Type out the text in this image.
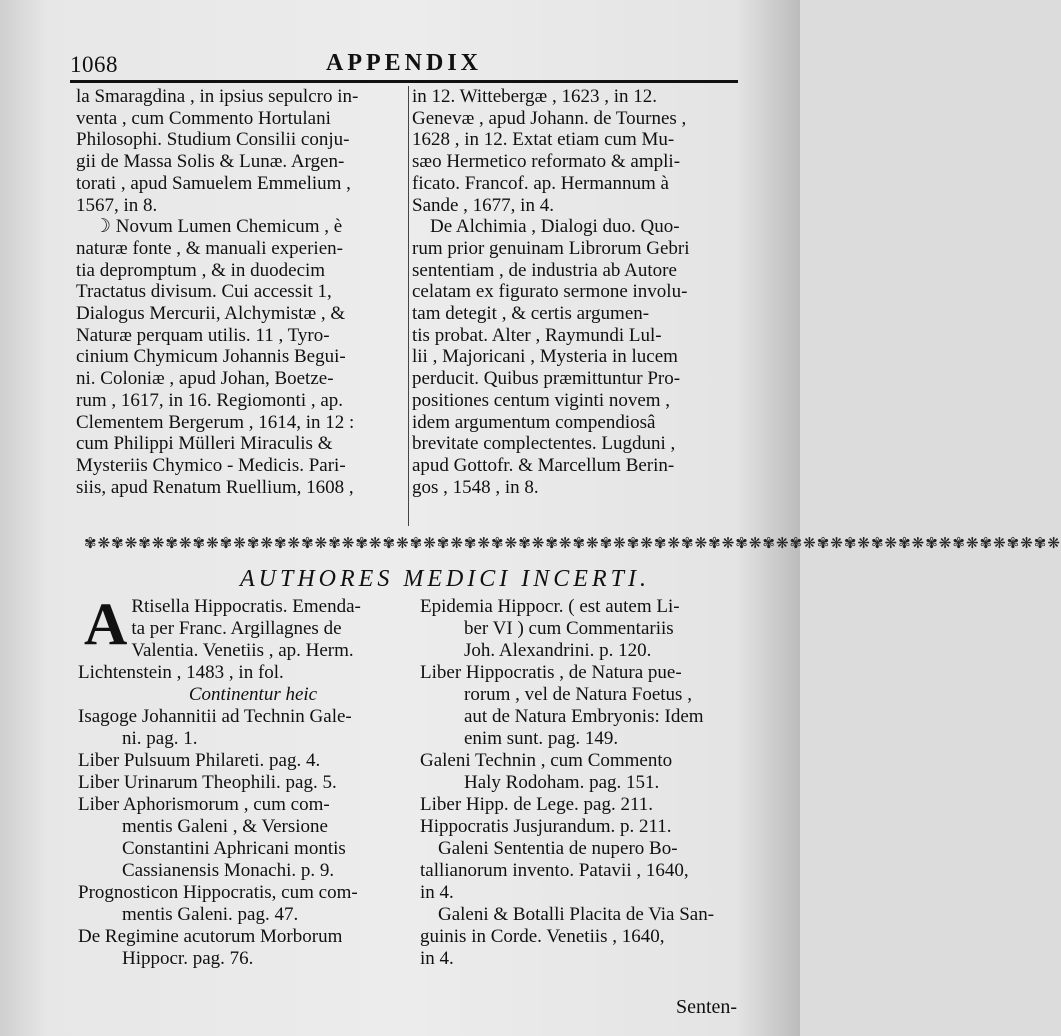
1068	APPENDIX
la Smaragdina , in ipsius sepulcro in-
venta , cum Commento Hortulani
Philosophi. Studium Consilii conju-
gii de Massa Solis & Lunæ. Argen-
torati , apud Samuelem Emmelium ,
1567, in 8.
☽ Novum Lumen Chemicum , è
naturæ fonte , & manuali experien-
tia depromptum , & in duodecim
Tractatus divisum. Cui accessit 1,
Dialogus Mercurii, Alchymistæ , &
Naturæ perquam utilis. 11 , Tyro-
cinium Chymicum Johannis Begui-
ni. Coloniæ , apud Johan, Boetze-
rum , 1617, in 16. Regiomonti , ap.
Clementem Bergerum , 1614, in 12 :
cum Philippi Mülleri Miraculis &
Mysteriis Chymico - Medicis. Pari-
siis, apud Renatum Ruellium, 1608 ,
in 12. Wittebergæ , 1623 , in 12.
Genevæ , apud Johann. de Tournes ,
1628 , in 12. Extat etiam cum Mu-
sæo Hermetico reformato & ampli-
ficato. Francof. ap. Hermannum à
Sande , 1677, in 4.
De Alchimia , Dialogi duo. Quo-
rum prior genuinam Librorum Gebri
sententiam , de industria ab Autore
celatam ex figurato sermone involu-
tam detegit , & certis argumen-
tis probat. Alter , Raymundi Lul-
lii , Majoricani , Mysteria in lucem
perducit. Quibus præmittuntur Pro-
positiones centum viginti novem ,
idem argumentum compendiosâ
brevitate complectentes. Lugduni ,
apud Gottofr. & Marcellum Berin-
gos , 1548 , in 8.
✾❋✾❋✾❋✾❋✾❋✾❋✾❋✾❋✾❋✾❋✾❋✾❋✾❋✾❋✾❋✾❋✾❋✾❋✾❋✾❋✾❋✾❋✾❋✾❋✾❋✾❋✾❋✾❋✾❋✾❋✾❋✾❋✾❋✾❋✾❋✾❋
AUTHORES MEDICI INCERTI.
A Rtisella Hippocratis. Emenda-
ta per Franc. Argillagnes de
Valentia. Venetiis , ap. Herm.
Lichtenstein , 1483 , in fol.
Continentur heic
Isagoge Johannitii ad Technin Gale-
ni. pag. 1.
Liber Pulsuum Philareti. pag. 4.
Liber Urinarum Theophili. pag. 5.
Liber Aphorismorum , cum com-
mentis Galeni , & Versione
Constantini Aphricani montis
Cassianensis Monachi. p. 9.
Prognosticon Hippocratis, cum com-
mentis Galeni. pag. 47.
De Regimine acutorum Morborum
Hippocr. pag. 76.
Epidemia Hippocr. ( est autem Li-
ber VI ) cum Commentariis
Joh. Alexandrini. p. 120.
Liber Hippocratis , de Natura pue-
rorum , vel de Natura Foetus ,
aut de Natura Embryonis: Idem
enim sunt. pag. 149.
Galeni Technin , cum Commento
Haly Rodoham. pag. 151.
Liber Hipp. de Lege. pag. 211.
Hippocratis Jusjurandum. p. 211.
Galeni Sententia de nupero Bo-
tallianorum invento. Patavii , 1640,
in 4.
Galeni & Botalli Placita de Via San-
guinis in Corde. Venetiis , 1640,
in 4.
Senten-
